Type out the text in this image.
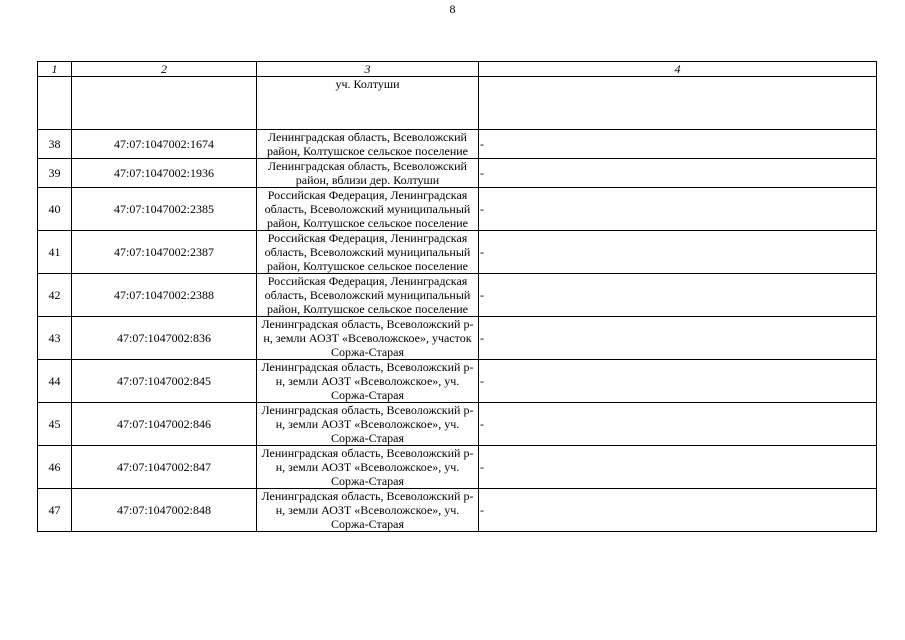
8
1	2	3	4
		уч. Колтуши	
38	47:07:1047002:1674	Ленинградская область, Всеволожский район, Колтушское сельское поселение	-
39	47:07:1047002:1936	Ленинградская область, Всеволожский район, вблизи дер. Колтуши	-
40	47:07:1047002:2385	Российская Федерация, Ленинградская область, Всеволожский муниципальный район, Колтушское сельское поселение	-
41	47:07:1047002:2387	Российская Федерация, Ленинградская область, Всеволожский муниципальный район, Колтушское сельское поселение	-
42	47:07:1047002:2388	Российская Федерация, Ленинградская область, Всеволожский муниципальный район, Колтушское сельское поселение	-
43	47:07:1047002:836	Ленинградская область, Всеволожский р-н, земли АОЗТ «Всеволожское», участок Соржа-Старая	-
44	47:07:1047002:845	Ленинградская область, Всеволожский р-н, земли АОЗТ «Всеволожское», уч. Соржа-Старая	-
45	47:07:1047002:846	Ленинградская область, Всеволожский р-н, земли АОЗТ «Всеволожское», уч. Соржа-Старая	-
46	47:07:1047002:847	Ленинградская область, Всеволожский р-н, земли АОЗТ «Всеволожское», уч. Соржа-Старая	-
47	47:07:1047002:848	Ленинградская область, Всеволожский р-н, земли АОЗТ «Всеволожское», уч. Соржа-Старая	-
